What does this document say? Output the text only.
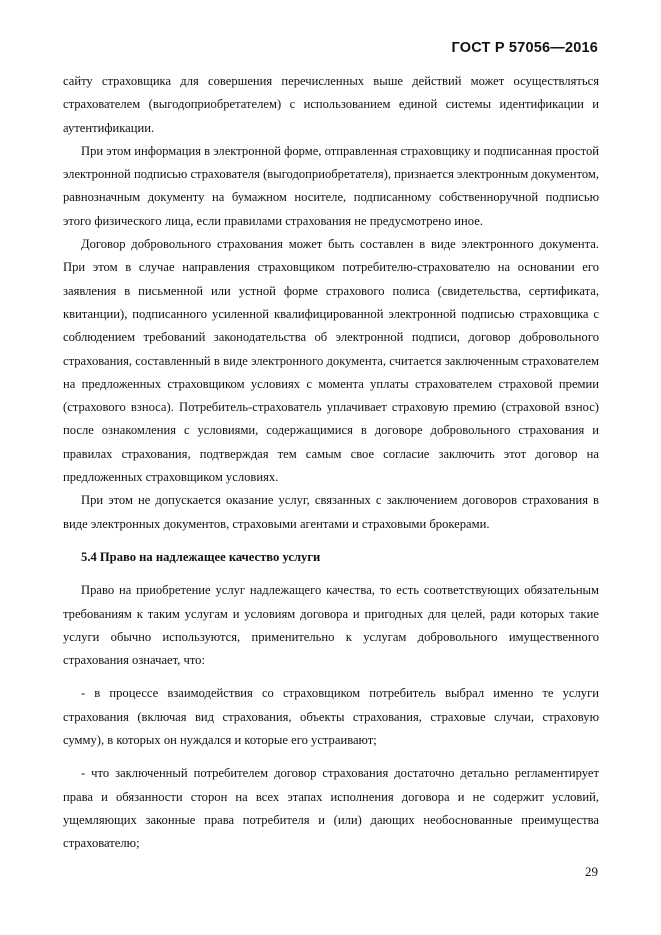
ГОСТ Р 57056—2016

сайту страховщика для совершения перечисленных выше действий может осуществляться страхователем (выгодоприобретателем) с использованием единой системы идентификации и аутентификации.

При этом информация в электронной форме, отправленная страховщику и подписанная простой электронной подписью страхователя (выгодоприобретателя), признается электронным документом, равнозначным документу на бумажном носителе, подписанному собственноручной подписью этого физического лица, если правилами страхования не предусмотрено иное.

Договор добровольного страхования может быть составлен в виде электронного документа. При этом в случае направления страховщиком потребителю-страхователю на основании его заявления в письменной или устной форме страхового полиса (свидетельства, сертификата, квитанции), подписанного усиленной квалифицированной электронной подписью страховщика с соблюдением требований законодательства об электронной подписи, договор добровольного страхования, составленный в виде электронного документа, считается заключенным страхователем на предложенных страховщиком условиях с момента уплаты страхователем страховой премии (страхового взноса). Потребитель-страхователь уплачивает страховую премию (страховой взнос) после ознакомления с условиями, содержащимися в договоре добровольного страхования и правилах страхования, подтверждая тем самым свое согласие заключить этот договор на предложенных страховщиком условиях.

При этом не допускается оказание услуг, связанных с заключением договоров страхования в виде электронных документов, страховыми агентами и страховыми брокерами.

5.4 Право на надлежащее качество услуги

Право на приобретение услуг надлежащего качества, то есть соответствующих обязательным требованиям к таким услугам и условиям договора и пригодных для целей, ради которых такие услуги обычно используются, применительно к услугам добровольного имущественного страхования означает, что:

- в процессе взаимодействия со страховщиком потребитель выбрал именно те услуги страхования (включая вид страхования, объекты страхования, страховые случаи, страховую сумму), в которых он нуждался и которые его устраивают;

- что заключенный потребителем договор страхования достаточно детально регламентирует права и обязанности сторон на всех этапах исполнения договора и не содержит условий, ущемляющих законные права потребителя и (или) дающих необоснованные преимущества страхователю;

29
